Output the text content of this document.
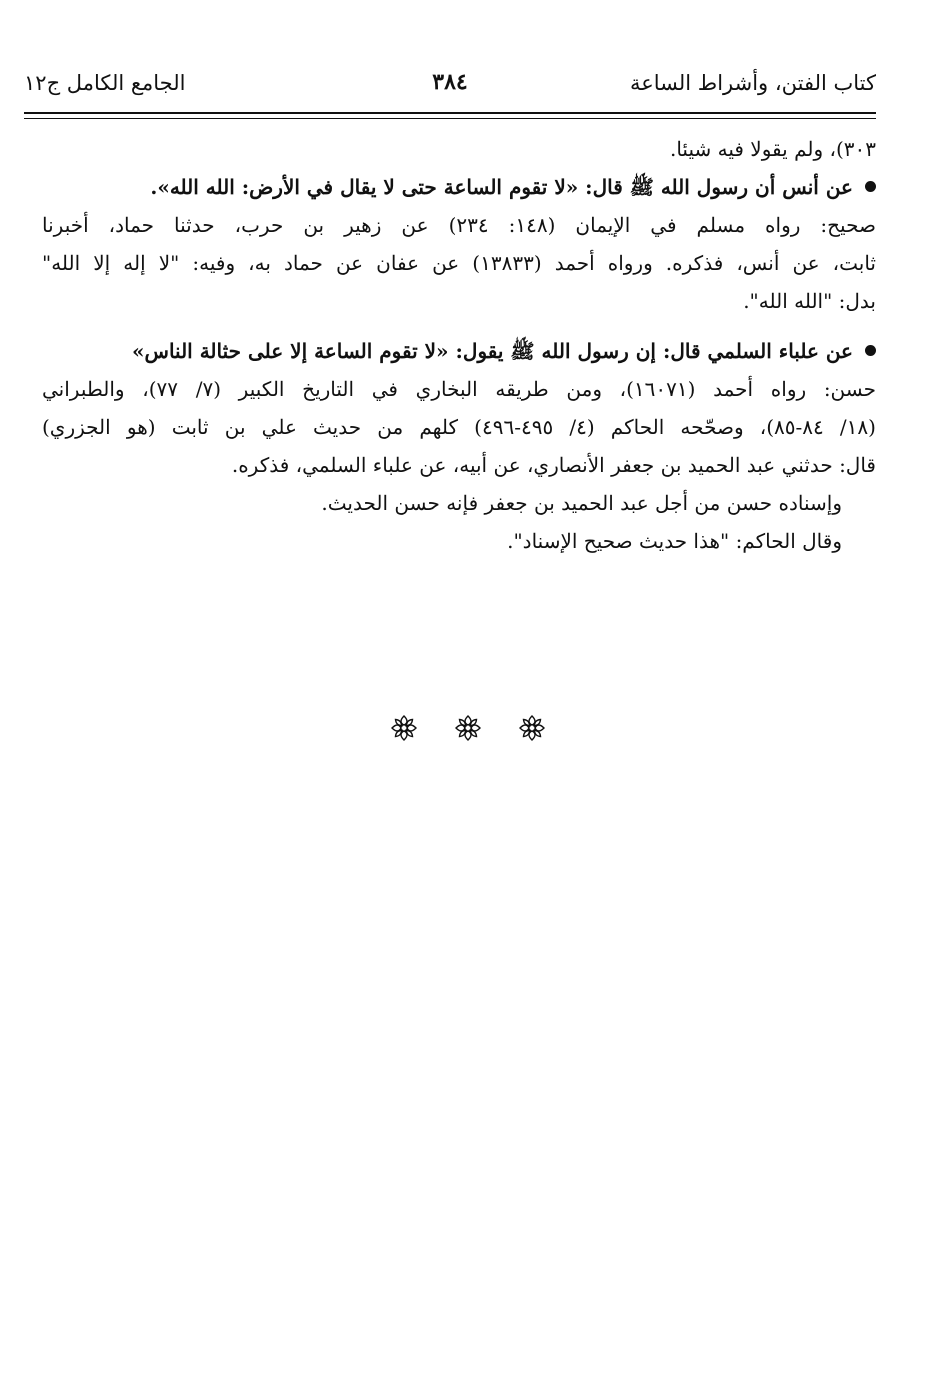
كتاب الفتن، وأشراط الساعة
٣٨٤
الجامع الكامل ج١٢
٣٠٣)، ولم يقولا فيه شيئا.
عن أنس أن رسول الله ﷺ قال: «لا تقوم الساعة حتى لا يقال في الأرض: الله الله».
صحيح: رواه مسلم في الإيمان (١٤٨: ٢٣٤) عن زهير بن حرب، حدثنا حماد، أخبرنا
ثابت، عن أنس، فذكره. ورواه أحمد (١٣٨٣٣) عن عفان عن حماد به، وفيه: "لا إله إلا الله"
بدل: "الله الله".
عن علباء السلمي قال: إن رسول الله ﷺ يقول: «لا تقوم الساعة إلا على حثالة الناس»
حسن: رواه أحمد (١٦٠٧١)، ومن طريقه البخاري في التاريخ الكبير (٧/ ٧٧)، والطبراني
(١٨/ ٨٤-٨٥)، وصحّحه الحاكم (٤/ ٤٩٥-٤٩٦) كلهم من حديث علي بن ثابت (هو الجزري)
قال: حدثني عبد الحميد بن جعفر الأنصاري، عن أبيه، عن علباء السلمي، فذكره.
وإسناده حسن من أجل عبد الحميد بن جعفر فإنه حسن الحديث.
وقال الحاكم: "هذا حديث صحيح الإسناد".
